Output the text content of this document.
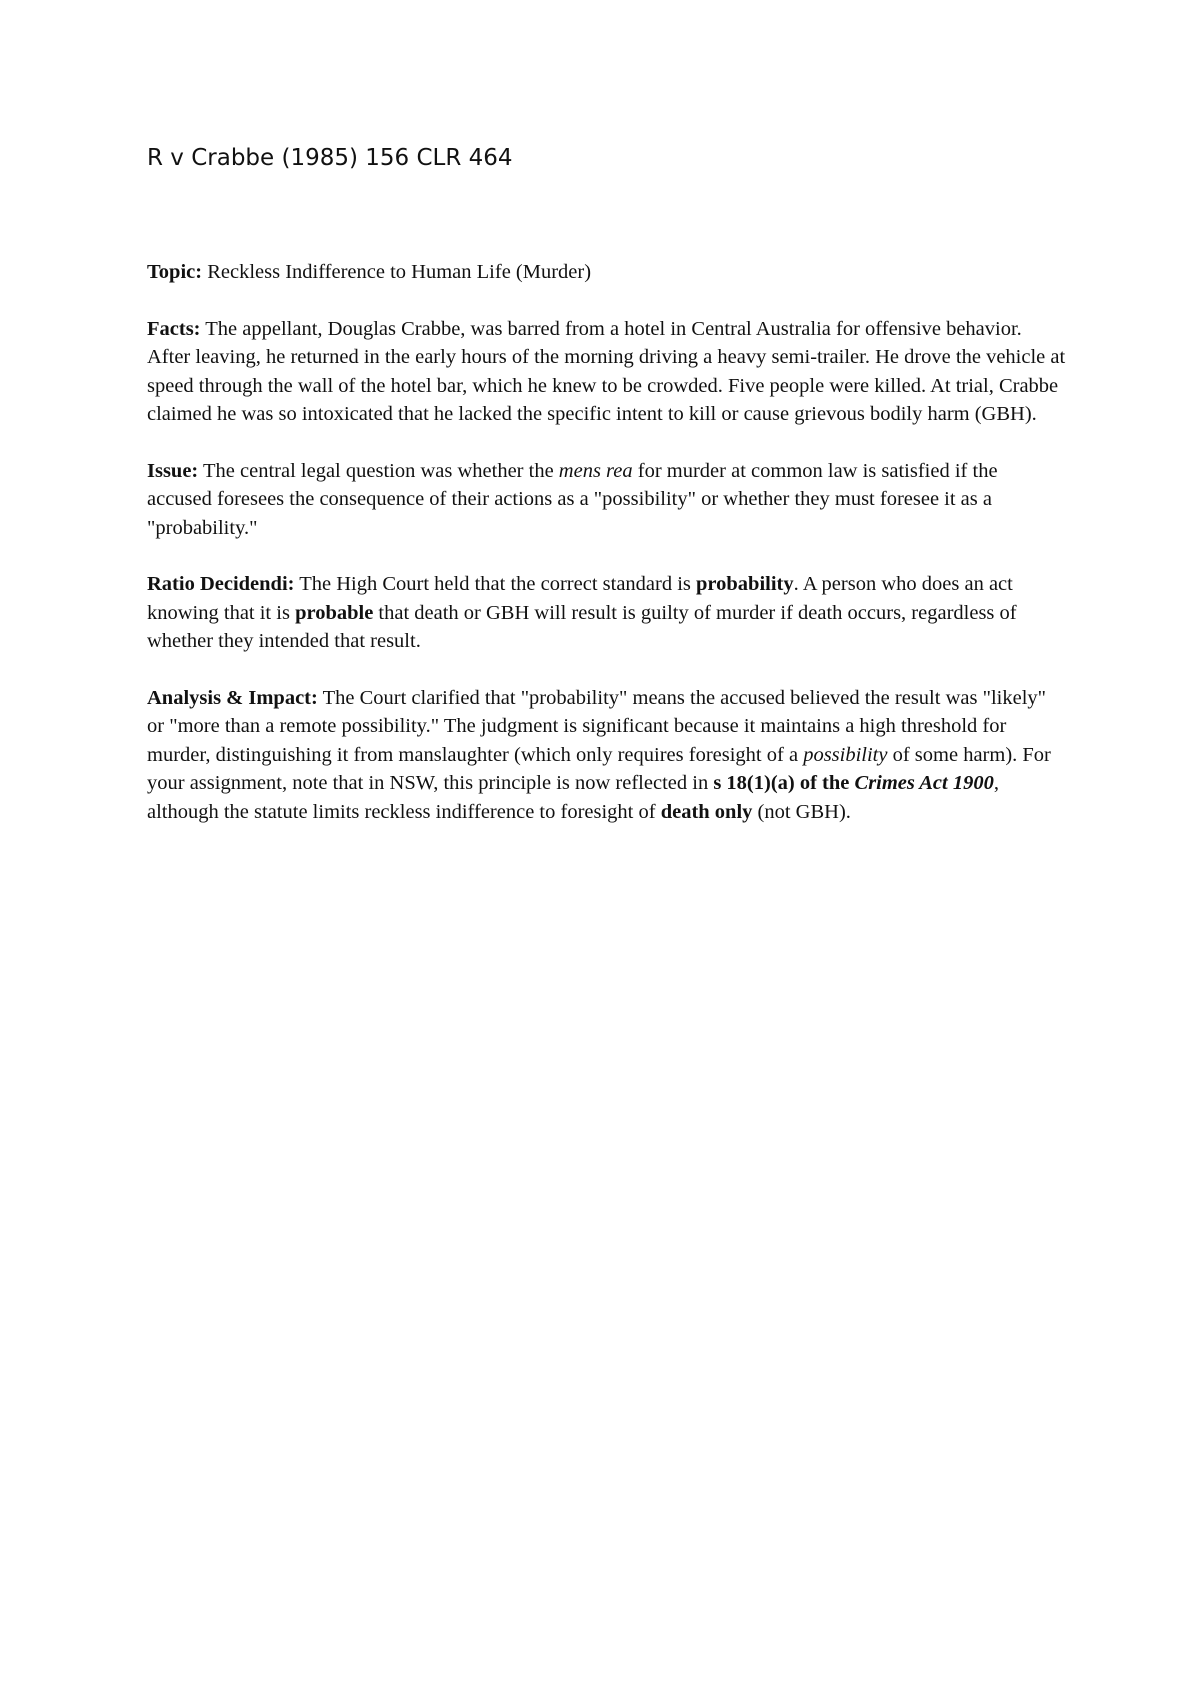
R v Crabbe (1985) 156 CLR 464

Topic: Reckless Indifference to Human Life (Murder)

Facts: The appellant, Douglas Crabbe, was barred from a hotel in Central Australia for offensive behavior. After leaving, he returned in the early hours of the morning driving a heavy semi-trailer. He drove the vehicle at speed through the wall of the hotel bar, which he knew to be crowded. Five people were killed. At trial, Crabbe claimed he was so intoxicated that he lacked the specific intent to kill or cause grievous bodily harm (GBH).

Issue: The central legal question was whether the mens rea for murder at common law is satisfied if the accused foresees the consequence of their actions as a "possibility" or whether they must foresee it as a "probability."

Ratio Decidendi: The High Court held that the correct standard is probability. A person who does an act knowing that it is probable that death or GBH will result is guilty of murder if death occurs, regardless of whether they intended that result.

Analysis & Impact: The Court clarified that "probability" means the accused believed the result was "likely" or "more than a remote possibility." The judgment is significant because it maintains a high threshold for murder, distinguishing it from manslaughter (which only requires foresight of a possibility of some harm). For your assignment, note that in NSW, this principle is now reflected in s 18(1)(a) of the Crimes Act 1900, although the statute limits reckless indifference to foresight of death only (not GBH).
